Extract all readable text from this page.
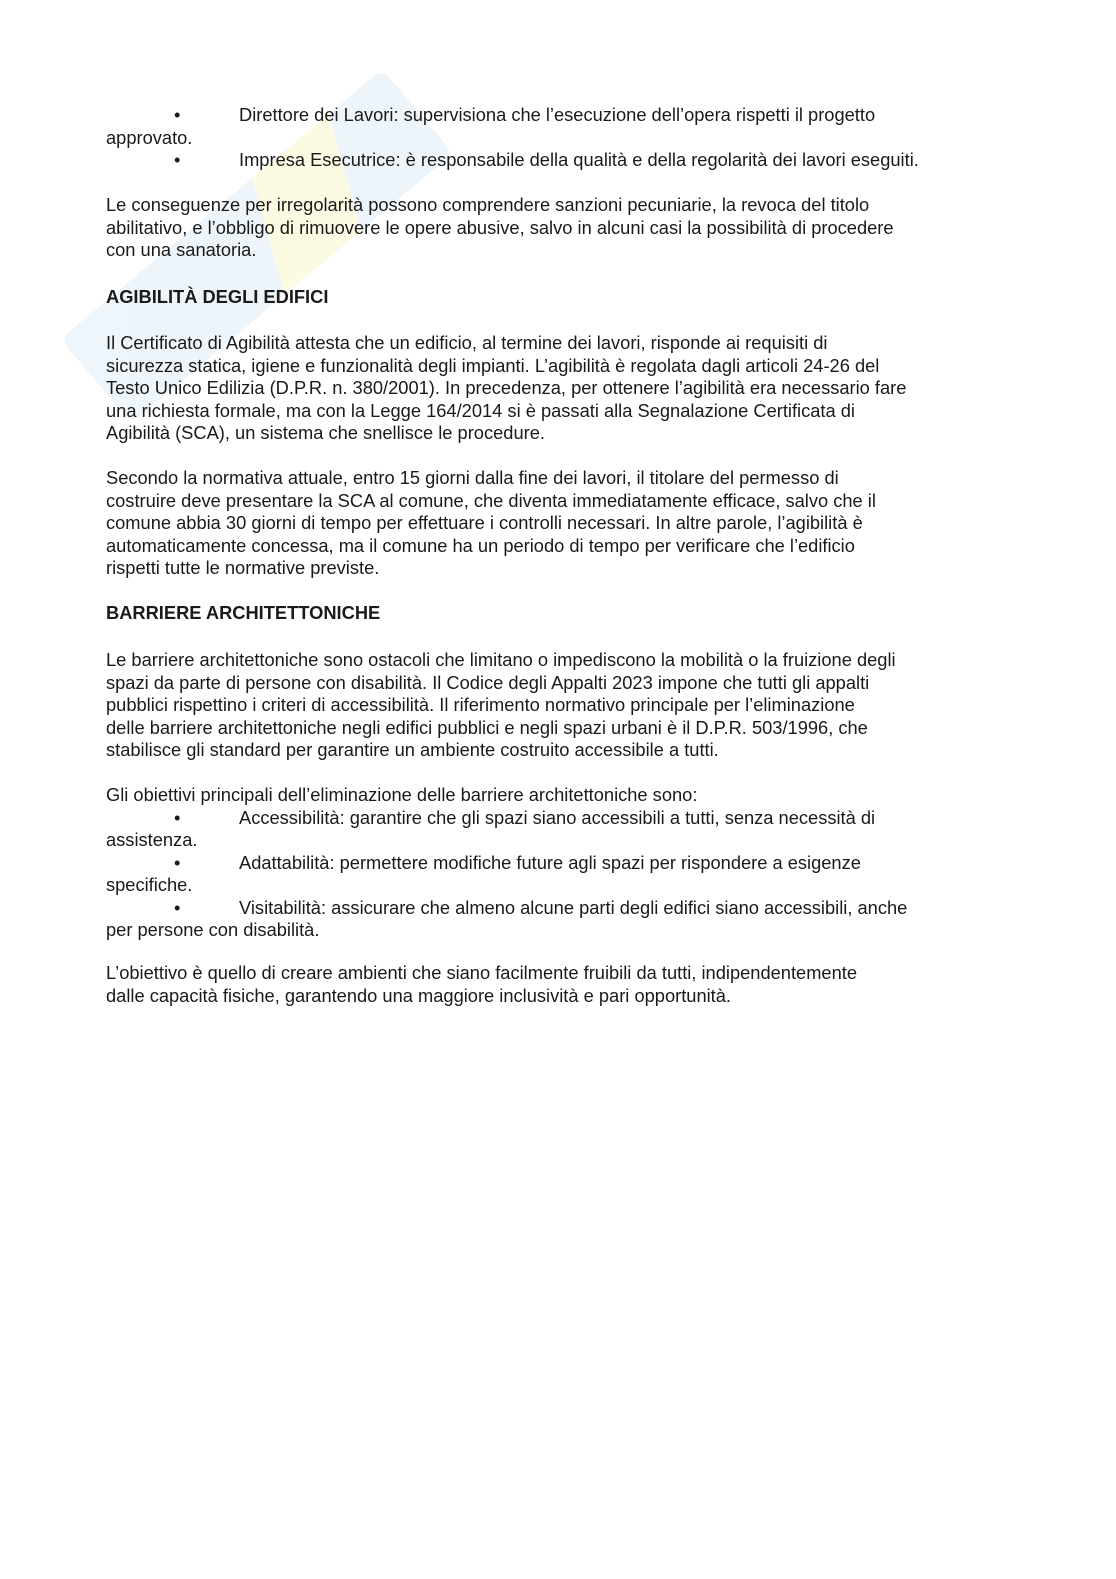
•	Direttore dei Lavori: supervisiona che l’esecuzione dell’opera rispetti il progetto
approvato.
•	Impresa Esecutrice: è responsabile della qualità e della regolarità dei lavori eseguiti.
Le conseguenze per irregolarità possono comprendere sanzioni pecuniarie, la revoca del titolo
abilitativo, e l’obbligo di rimuovere le opere abusive, salvo in alcuni casi la possibilità di procedere
con una sanatoria.
AGIBILITÀ DEGLI EDIFICI
Il Certificato di Agibilità attesta che un edificio, al termine dei lavori, risponde ai requisiti di
sicurezza statica, igiene e funzionalità degli impianti. L’agibilità è regolata dagli articoli 24-26 del
Testo Unico Edilizia (D.P.R. n. 380/2001). In precedenza, per ottenere l’agibilità era necessario fare
una richiesta formale, ma con la Legge 164/2014 si è passati alla Segnalazione Certificata di
Agibilità (SCA), un sistema che snellisce le procedure.
Secondo la normativa attuale, entro 15 giorni dalla fine dei lavori, il titolare del permesso di
costruire deve presentare la SCA al comune, che diventa immediatamente efficace, salvo che il
comune abbia 30 giorni di tempo per effettuare i controlli necessari. In altre parole, l’agibilità è
automaticamente concessa, ma il comune ha un periodo di tempo per verificare che l’edificio
rispetti tutte le normative previste.
BARRIERE ARCHITETTONICHE
Le barriere architettoniche sono ostacoli che limitano o impediscono la mobilità o la fruizione degli
spazi da parte di persone con disabilità. Il Codice degli Appalti 2023 impone che tutti gli appalti
pubblici rispettino i criteri di accessibilità. Il riferimento normativo principale per l’eliminazione
delle barriere architettoniche negli edifici pubblici e negli spazi urbani è il D.P.R. 503/1996, che
stabilisce gli standard per garantire un ambiente costruito accessibile a tutti.
Gli obiettivi principali dell’eliminazione delle barriere architettoniche sono:
•	Accessibilità: garantire che gli spazi siano accessibili a tutti, senza necessità di
assistenza.
•	Adattabilità: permettere modifiche future agli spazi per rispondere a esigenze
specifiche.
•	Visitabilità: assicurare che almeno alcune parti degli edifici siano accessibili, anche
per persone con disabilità.
L’obiettivo è quello di creare ambienti che siano facilmente fruibili da tutti, indipendentemente
dalle capacità fisiche, garantendo una maggiore inclusività e pari opportunità.
